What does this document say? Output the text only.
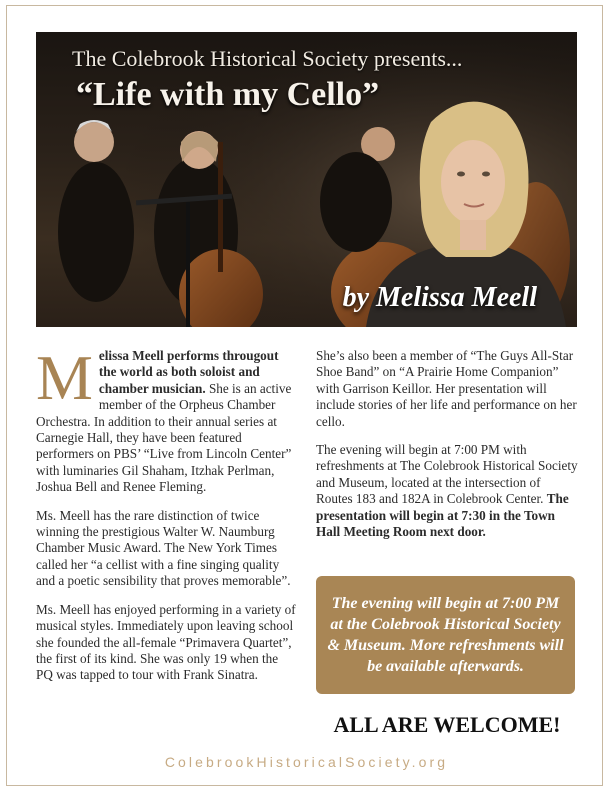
The Colebrook Historical Society presents...
“Life with my Cello”
by Melissa Meell

Melissa Meell performs througout the world as both soloist and chamber musician. She is an active member of the Orpheus Chamber Orchestra. In addition to their annual series at Carnegie Hall, they have been featured performers on PBS’ “Live from Lincoln Center” with luminaries Gil Shaham, Itzhak Perlman, Joshua Bell and Renee Fleming.

Ms. Meell has the rare distinction of twice winning the prestigious Walter W. Naumburg Chamber Music Award. The New York Times called her “a cellist with a fine singing quality and a poetic sensibility that proves memorable”.

Ms. Meell has enjoyed performing in a variety of musical styles. Immediately upon leaving school she founded the all-female “Primavera Quartet”, the first of its kind. She was only 19 when the PQ was tapped to tour with Frank Sinatra.

She’s also been a member of “The Guys All-Star Shoe Band” on “A Prairie Home Companion” with Garrison Keillor. Her presentation will include stories of her life and performance on her cello.

The evening will begin at 7:00 PM with refreshments at The Colebrook Historical Society and Museum, located at the intersection of Routes 183 and 182A in Colebrook Center. The presentation will begin at 7:30 in the Town Hall Meeting Room next door.

The evening will begin at 7:00 PM at the Colebrook Historical Society & Museum. More refreshments will be available afterwards.
ALL ARE WELCOME!
ColebrookHistoricalSociety.org
